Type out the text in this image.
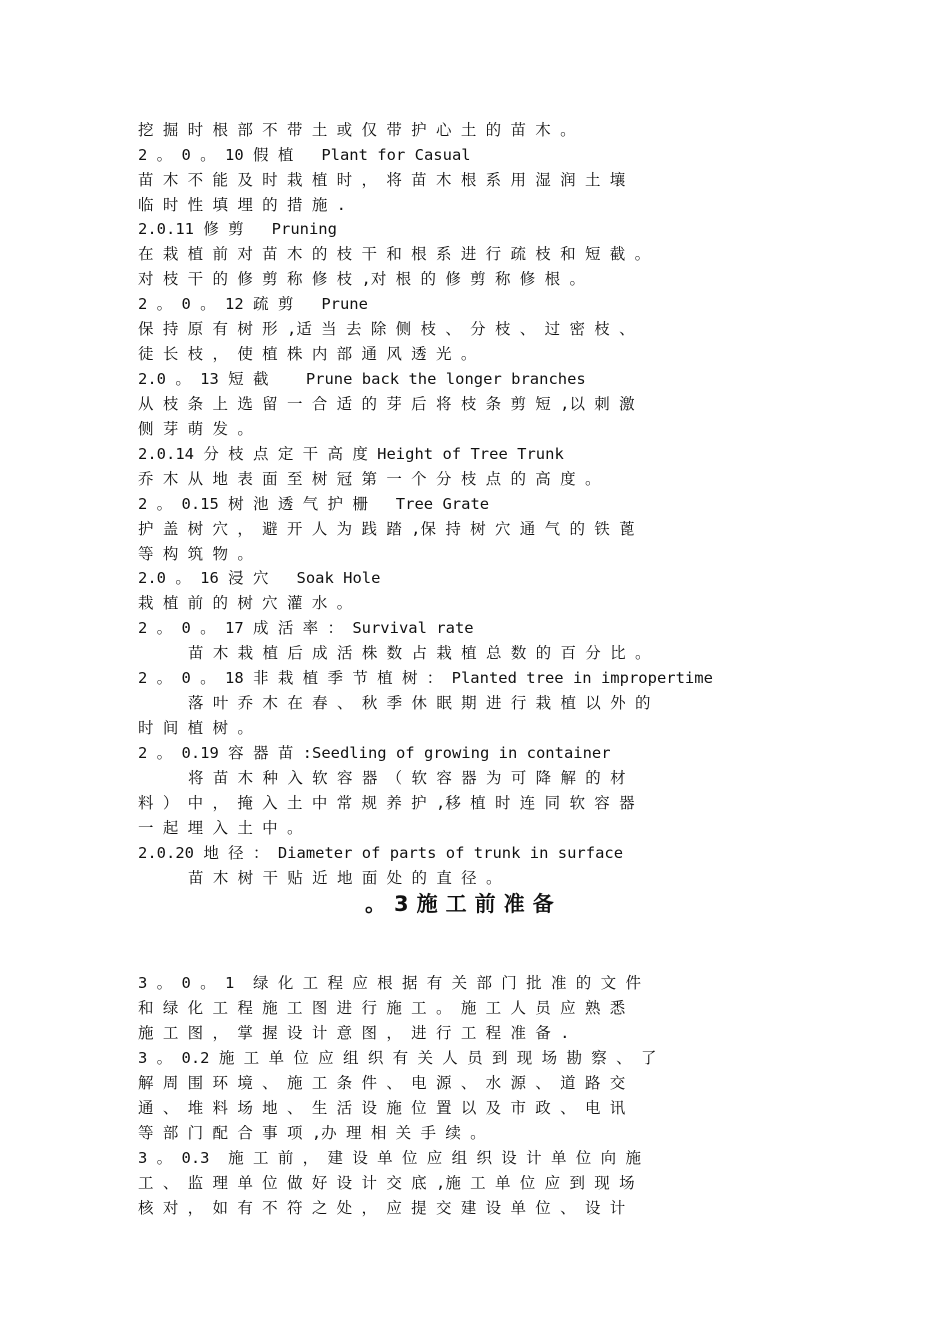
挖 掘 时 根 部 不 带 土 或 仅 带 护 心 土 的 苗 木 。
2 。 0 。 10 假 植   Plant for Casual
苗 木 不 能 及 时 栽 植 时 ， 将 苗 木 根 系 用 湿 润 土 壤
临 时 性 填 埋 的 措 施 .
2.0.11 修 剪   Pruning
在 栽 植 前 对 苗 木 的 枝 干 和 根 系 进 行 疏 枝 和 短 截 。
对 枝 干 的 修 剪 称 修 枝 ,对 根 的 修 剪 称 修 根 。
2 。 0 。 12 疏 剪   Prune
保 持 原 有 树 形 ,适 当 去 除 侧 枝 、 分 枝 、 过 密 枝 、
徒 长 枝 ， 使 植 株 内 部 通 风 透 光 。
2.0 。 13 短 截    Prune back the longer branches
从 枝 条 上 选 留 一 合 适 的 芽 后 将 枝 条 剪 短 ,以 刺 激
侧 芽 萌 发 。
2.0.14 分 枝 点 定 干 高 度 Height of Tree Trunk
乔 木 从 地 表 面 至 树 冠 第 一 个 分 枝 点 的 高 度 。
2 。 0.15 树 池 透 气 护 栅   Tree Grate
护 盖 树 穴 ， 避 开 人 为 践 踏 ,保 持 树 穴 通 气 的 铁 蓖
等 构 筑 物 。
2.0 。 16 浸 穴   Soak Hole
栽 植 前 的 树 穴 灌 水 。
2 。 0 。 17 成 活 率 ： Survival rate
苗 木 栽 植 后 成 活 株 数 占 栽 植 总 数 的 百 分 比 。
2 。 0 。 18 非 栽 植 季 节 植 树 ： Planted tree in impropertime
落 叶 乔 木 在 春 、 秋 季 休 眠 期 进 行 栽 植 以 外 的
时 间 植 树 。
2 。 0.19 容 器 苗 :Seedling of growing in container
将 苗 木 种 入 软 容 器 （ 软 容 器 为 可 降 解 的 材
料 ） 中 ， 掩 入 土 中 常 规 养 护 ,移 植 时 连 同 软 容 器
一 起 埋 入 土 中 。
2.0.20 地 径 ： Diameter of parts of trunk in surface
苗 木 树 干 贴 近 地 面 处 的 直 径 。
。3施工前准备
3 。 0 。 1  绿 化 工 程 应 根 据 有 关 部 门 批 准 的 文 件
和 绿 化 工 程 施 工 图 进 行 施 工 。 施 工 人 员 应 熟 悉
施 工 图 ， 掌 握 设 计 意 图 ， 进 行 工 程 准 备 .
3 。 0.2 施 工 单 位 应 组 织 有 关 人 员 到 现 场 勘 察 、 了
解 周 围 环 境 、 施 工 条 件 、 电 源 、 水 源 、 道 路 交
通 、 堆 料 场 地 、 生 活 设 施 位 置 以 及 市 政 、 电 讯
等 部 门 配 合 事 项 ,办 理 相 关 手 续 。
3 。 0.3  施 工 前 ， 建 设 单 位 应 组 织 设 计 单 位 向 施
工 、 监 理 单 位 做 好 设 计 交 底 ,施 工 单 位 应 到 现 场
核 对 ， 如 有 不 符 之 处 ， 应 提 交 建 设 单 位 、 设 计
